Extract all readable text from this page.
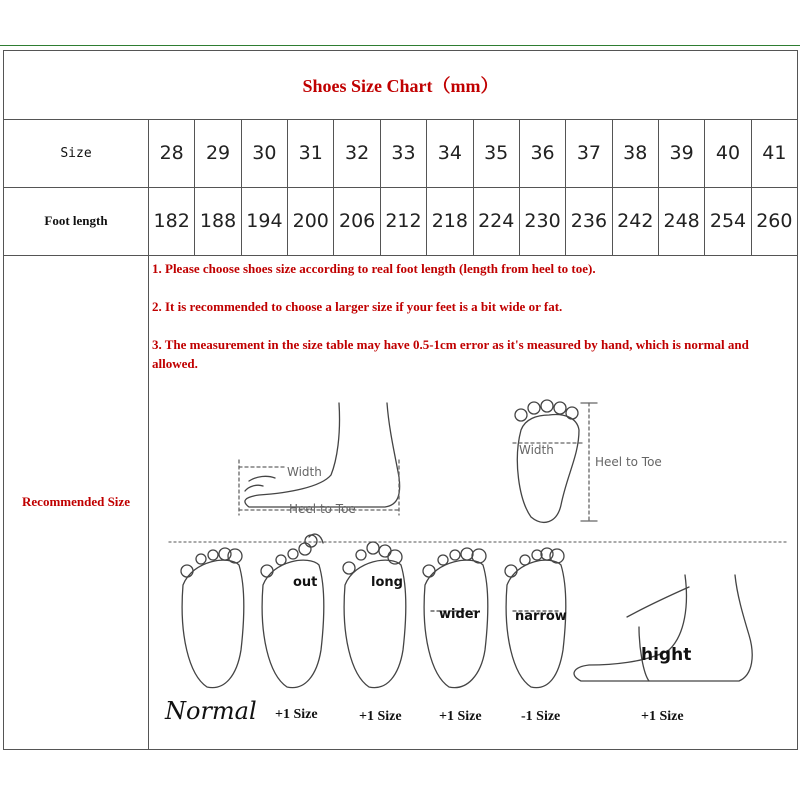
Shoes Size Chart（mm）
Size	28	29	30	31	32	33	34	35	36	37	38	39	40	41
Foot length	182 188 194 200 206 212 218 224 230 236 242 248 254 260
Recommended Size
1. Please choose shoes size according to real foot length (length from heel to toe).
2. It is recommended to choose a larger size if your feet is a bit wide or fat.
3. The measurement in the size table may have 0.5-1cm error as it's measured by hand, which is normal and allowed.
Width
Heel to Toe
Width
Heel to Toe
out	long
wider	narrow
hight
Normal +1 Size	+1 Size	+1 Size	-1 Size	+1 Size
